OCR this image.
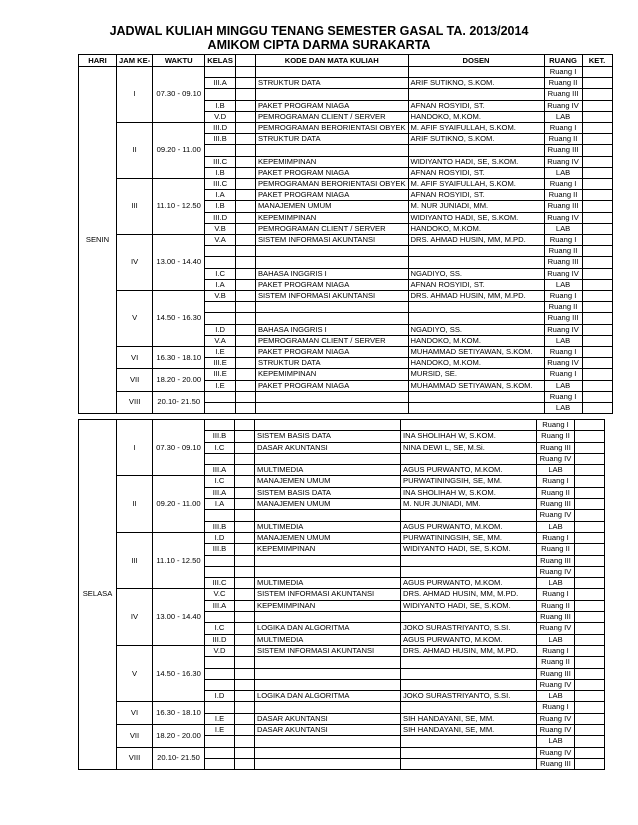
JADWAL KULIAH MINGGU TENANG SEMESTER GASAL TA. 2013/2014
AMIKOM CIPTA DARMA SURAKARTA
HARI	JAM KE-	WAKTU	KELAS		KODE DAN MATA KULIAH	DOSEN	RUANG	KET.
SENIN	I	07.30 - 09.10					Ruang I	
			III.A		STRUKTUR DATA	ARIF SUTIKNO, S.KOM.	Ruang II	
							Ruang III	
			I.B		PAKET PROGRAM NIAGA	AFNAN ROSYIDI, ST.	Ruang IV	
			V.D		PEMROGRAMAN CLIENT / SERVER	HANDOKO, M.KOM.	LAB	
	II	09.20 - 11.00	III.D		PEMROGRAMAN BERORIENTASI OBYEK	M. AFIF SYAIFULLAH, S.KOM.	Ruang I	
			III.B		STRUKTUR DATA	ARIF SUTIKNO, S.KOM.	Ruang II	
							Ruang III	
			III.C		KEPEMIMPINAN	WIDIYANTO HADI, SE, S.KOM.	Ruang IV	
			I.B		PAKET PROGRAM NIAGA	AFNAN ROSYIDI, ST.	LAB	
	III	11.10 - 12.50	III.C		PEMROGRAMAN BERORIENTASI OBYEK	M. AFIF SYAIFULLAH, S.KOM.	Ruang I	
			I.A		PAKET PROGRAM NIAGA	AFNAN ROSYIDI, ST.	Ruang II	
			I.B		MANAJEMEN UMUM	M. NUR JUNIADI, MM.	Ruang III	
			III.D		KEPEMIMPINAN	WIDIYANTO HADI, SE, S.KOM.	Ruang IV	
			V.B		PEMROGRAMAN CLIENT / SERVER	HANDOKO, M.KOM.	LAB	
	IV	13.00 - 14.40	V.A		SISTEM INFORMASI AKUNTANSI	DRS. AHMAD HUSIN, MM, M.PD.	Ruang I	
							Ruang II	
							Ruang III	
			I.C		BAHASA INGGRIS I	NGADIYO, SS.	Ruang IV	
			I.A		PAKET PROGRAM NIAGA	AFNAN ROSYIDI, ST.	LAB	
	V	14.50 - 16.30	V.B		SISTEM INFORMASI AKUNTANSI	DRS. AHMAD HUSIN, MM, M.PD.	Ruang I	
							Ruang II	
							Ruang III	
			I.D		BAHASA INGGRIS I	NGADIYO, SS.	Ruang IV	
			V.A		PEMROGRAMAN CLIENT / SERVER	HANDOKO, M.KOM.	LAB	
	VI	16.30 - 18.10	I.E		PAKET PROGRAM NIAGA	MUHAMMAD SETIYAWAN, S.KOM.	Ruang I	
			III.E		STRUKTUR DATA	HANDOKO, M.KOM.	Ruang IV	
	VII	18.20 - 20.00	III.E		KEPEMIMPINAN	MURSID, SE.	Ruang I	
			I.E		PAKET PROGRAM NIAGA	MUHAMMAD SETIYAWAN, S.KOM.	LAB	
	VIII	20.10- 21.50					Ruang I	
							LAB	
SELASA	I	07.30 - 09.10					Ruang I	
			III.B		SISTEM BASIS DATA	INA SHOLIHAH W, S.KOM.	Ruang II	
			I.C		DASAR AKUNTANSI	NINA DEWI L, SE, M.Si.	Ruang III	
							Ruang IV	
			III.A		MULTIMEDIA	AGUS PURWANTO, M.KOM.	LAB	
	II	09.20 - 11.00	I.C		MANAJEMEN UMUM	PURWATININGSIH, SE, MM.	Ruang I	
			III.A		SISTEM BASIS DATA	INA SHOLIHAH W, S.KOM.	Ruang II	
			I.A		MANAJEMEN UMUM	M. NUR JUNIADI, MM.	Ruang III	
							Ruang IV	
			III.B		MULTIMEDIA	AGUS PURWANTO, M.KOM.	LAB	
	III	11.10 - 12.50	I.D		MANAJEMEN UMUM	PURWATININGSIH, SE, MM.	Ruang I	
			III.B		KEPEMIMPINAN	WIDIYANTO HADI, SE, S.KOM.	Ruang II	
							Ruang III	
							Ruang IV	
			III.C		MULTIMEDIA	AGUS PURWANTO, M.KOM.	LAB	
	IV	13.00 - 14.40	V.C		SISTEM INFORMASI AKUNTANSI	DRS. AHMAD HUSIN, MM, M.PD.	Ruang I	
			III.A		KEPEMIMPINAN	WIDIYANTO HADI, SE, S.KOM.	Ruang II	
							Ruang III	
			I.C		LOGIKA DAN ALGORITMA	JOKO SURASTRIYANTO, S.SI.	Ruang IV	
			III.D		MULTIMEDIA	AGUS PURWANTO, M.KOM.	LAB	
	V	14.50 - 16.30	V.D		SISTEM INFORMASI AKUNTANSI	DRS. AHMAD HUSIN, MM, M.PD.	Ruang I	
							Ruang II	
							Ruang III	
							Ruang IV	
			I.D		LOGIKA DAN ALGORITMA	JOKO SURASTRIYANTO, S.SI.	LAB	
	VI	16.30 - 18.10					Ruang I	
			I.E		DASAR AKUNTANSI	SIH HANDAYANI, SE, MM.	Ruang IV	
	VII	18.20 - 20.00	I.E		DASAR AKUNTANSI	SIH HANDAYANI, SE, MM.	Ruang IV	
							LAB	
	VIII	20.10- 21.50					Ruang IV	
							Ruang III	
